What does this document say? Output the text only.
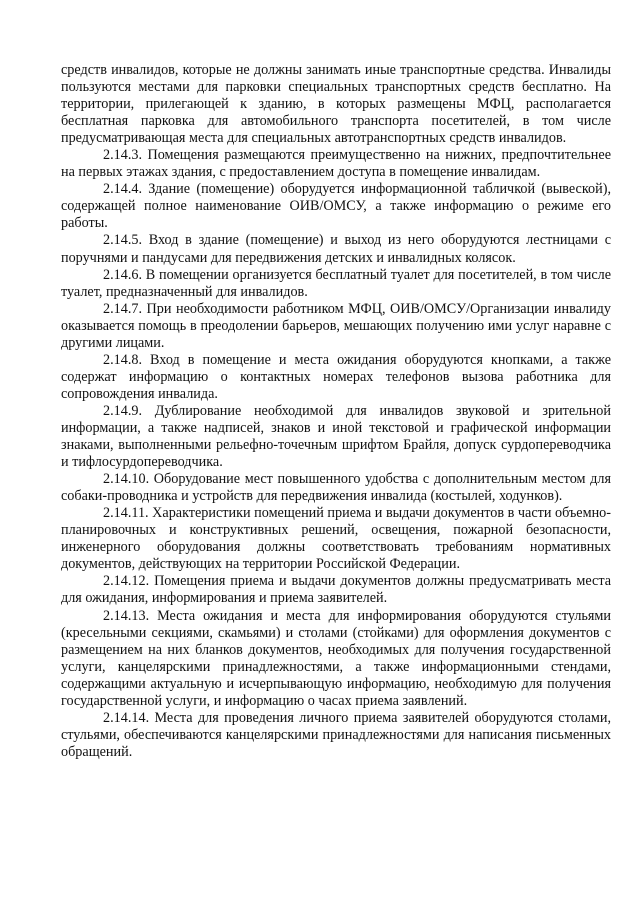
средств инвалидов, которые не должны занимать иные транспортные средства. Инвалиды пользуются местами для парковки специальных транспортных средств бесплатно. На территории, прилегающей к зданию, в которых размещены МФЦ, располагается бесплатная парковка для автомобильного транспорта посетителей, в том числе предусматривающая места для специальных автотранспортных средств инвалидов.

2.14.3. Помещения размещаются преимущественно на нижних, предпочтительнее на первых этажах здания, с предоставлением доступа в помещение инвалидам.

2.14.4. Здание (помещение) оборудуется информационной табличкой (вывеской), содержащей полное наименование ОИВ/ОМСУ, а также информацию о режиме его работы.

2.14.5. Вход в здание (помещение) и выход из него оборудуются лестницами с поручнями и пандусами для передвижения детских и инвалидных колясок.

2.14.6. В помещении организуется бесплатный туалет для посетителей, в том числе туалет, предназначенный для инвалидов.

2.14.7. При необходимости работником МФЦ, ОИВ/ОМСУ/Организации инвалиду оказывается помощь в преодолении барьеров, мешающих получению ими услуг наравне с другими лицами.

2.14.8. Вход в помещение и места ожидания оборудуются кнопками, а также содержат информацию о контактных номерах телефонов вызова работника для сопровождения инвалида.

2.14.9. Дублирование необходимой для инвалидов звуковой и зрительной информации, а также надписей, знаков и иной текстовой и графической информации знаками, выполненными рельефно-точечным шрифтом Брайля, допуск сурдопереводчика и тифлосурдопереводчика.

2.14.10. Оборудование мест повышенного удобства с дополнительным местом для собаки-проводника и устройств для передвижения инвалида (костылей, ходунков).

2.14.11. Характеристики помещений приема и выдачи документов в части объемно-планировочных и конструктивных решений, освещения, пожарной безопасности, инженерного оборудования должны соответствовать требованиям нормативных документов, действующих на территории Российской Федерации.

2.14.12. Помещения приема и выдачи документов должны предусматривать места для ожидания, информирования и приема заявителей.

2.14.13. Места ожидания и места для информирования оборудуются стульями (кресельными секциями, скамьями) и столами (стойками) для оформления документов с размещением на них бланков документов, необходимых для получения государственной услуги, канцелярскими принадлежностями, а также информационными стендами, содержащими актуальную и исчерпывающую информацию, необходимую для получения государственной услуги, и информацию о часах приема заявлений.

2.14.14. Места для проведения личного приема заявителей оборудуются столами, стульями, обеспечиваются канцелярскими принадлежностями для написания письменных обращений.
